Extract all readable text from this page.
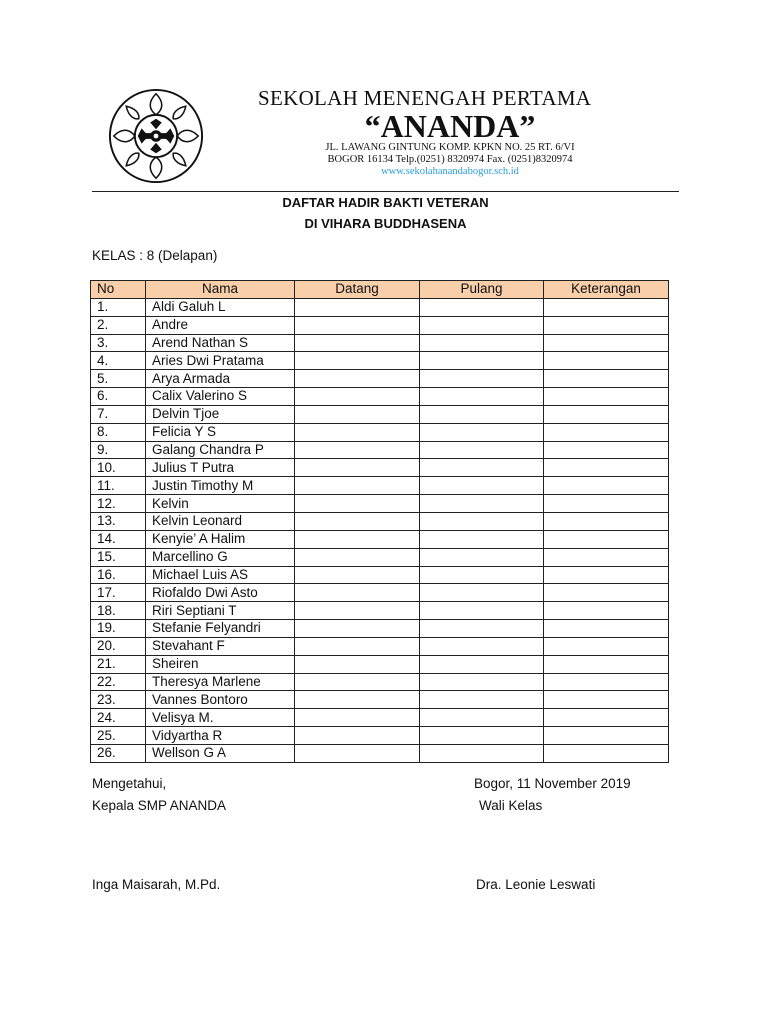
SEKOLAH MENENGAH PERTAMA
“ANANDA”
JL. LAWANG GINTUNG KOMP. KPKN NO. 25 RT. 6/VI
BOGOR 16134 Telp.(0251) 8320974 Fax. (0251)8320974
www.sekolahanandabogor.sch.id
DAFTAR HADIR BAKTI VETERAN
DI VIHARA BUDDHASENA
KELAS : 8 (Delapan)
No	Nama	Datang	Pulang	Keterangan
1.	Aldi Galuh L			
2.	Andre			
3.	Arend Nathan S			
4.	Aries Dwi Pratama			
5.	Arya Armada			
6.	Calix Valerino S			
7.	Delvin Tjoe			
8.	Felicia Y S			
9.	Galang Chandra P			
10.	Julius T Putra			
11.	Justin Timothy M			
12.	Kelvin			
13.	Kelvin Leonard			
14.	Kenyie’ A Halim			
15.	Marcellino G			
16.	Michael Luis AS			
17.	Riofaldo Dwi Asto			
18.	Riri Septiani T			
19.	Stefanie Felyandri			
20.	Stevahant F			
21.	Sheiren			
22.	Theresya Marlene			
23.	Vannes Bontoro			
24.	Velisya M.			
25.	Vidyartha R			
26.	Wellson G A			
Mengetahui,
Kepala SMP ANANDA
Inga Maisarah, M.Pd.
Bogor, 11 November 2019
Wali Kelas
Dra. Leonie Leswati
